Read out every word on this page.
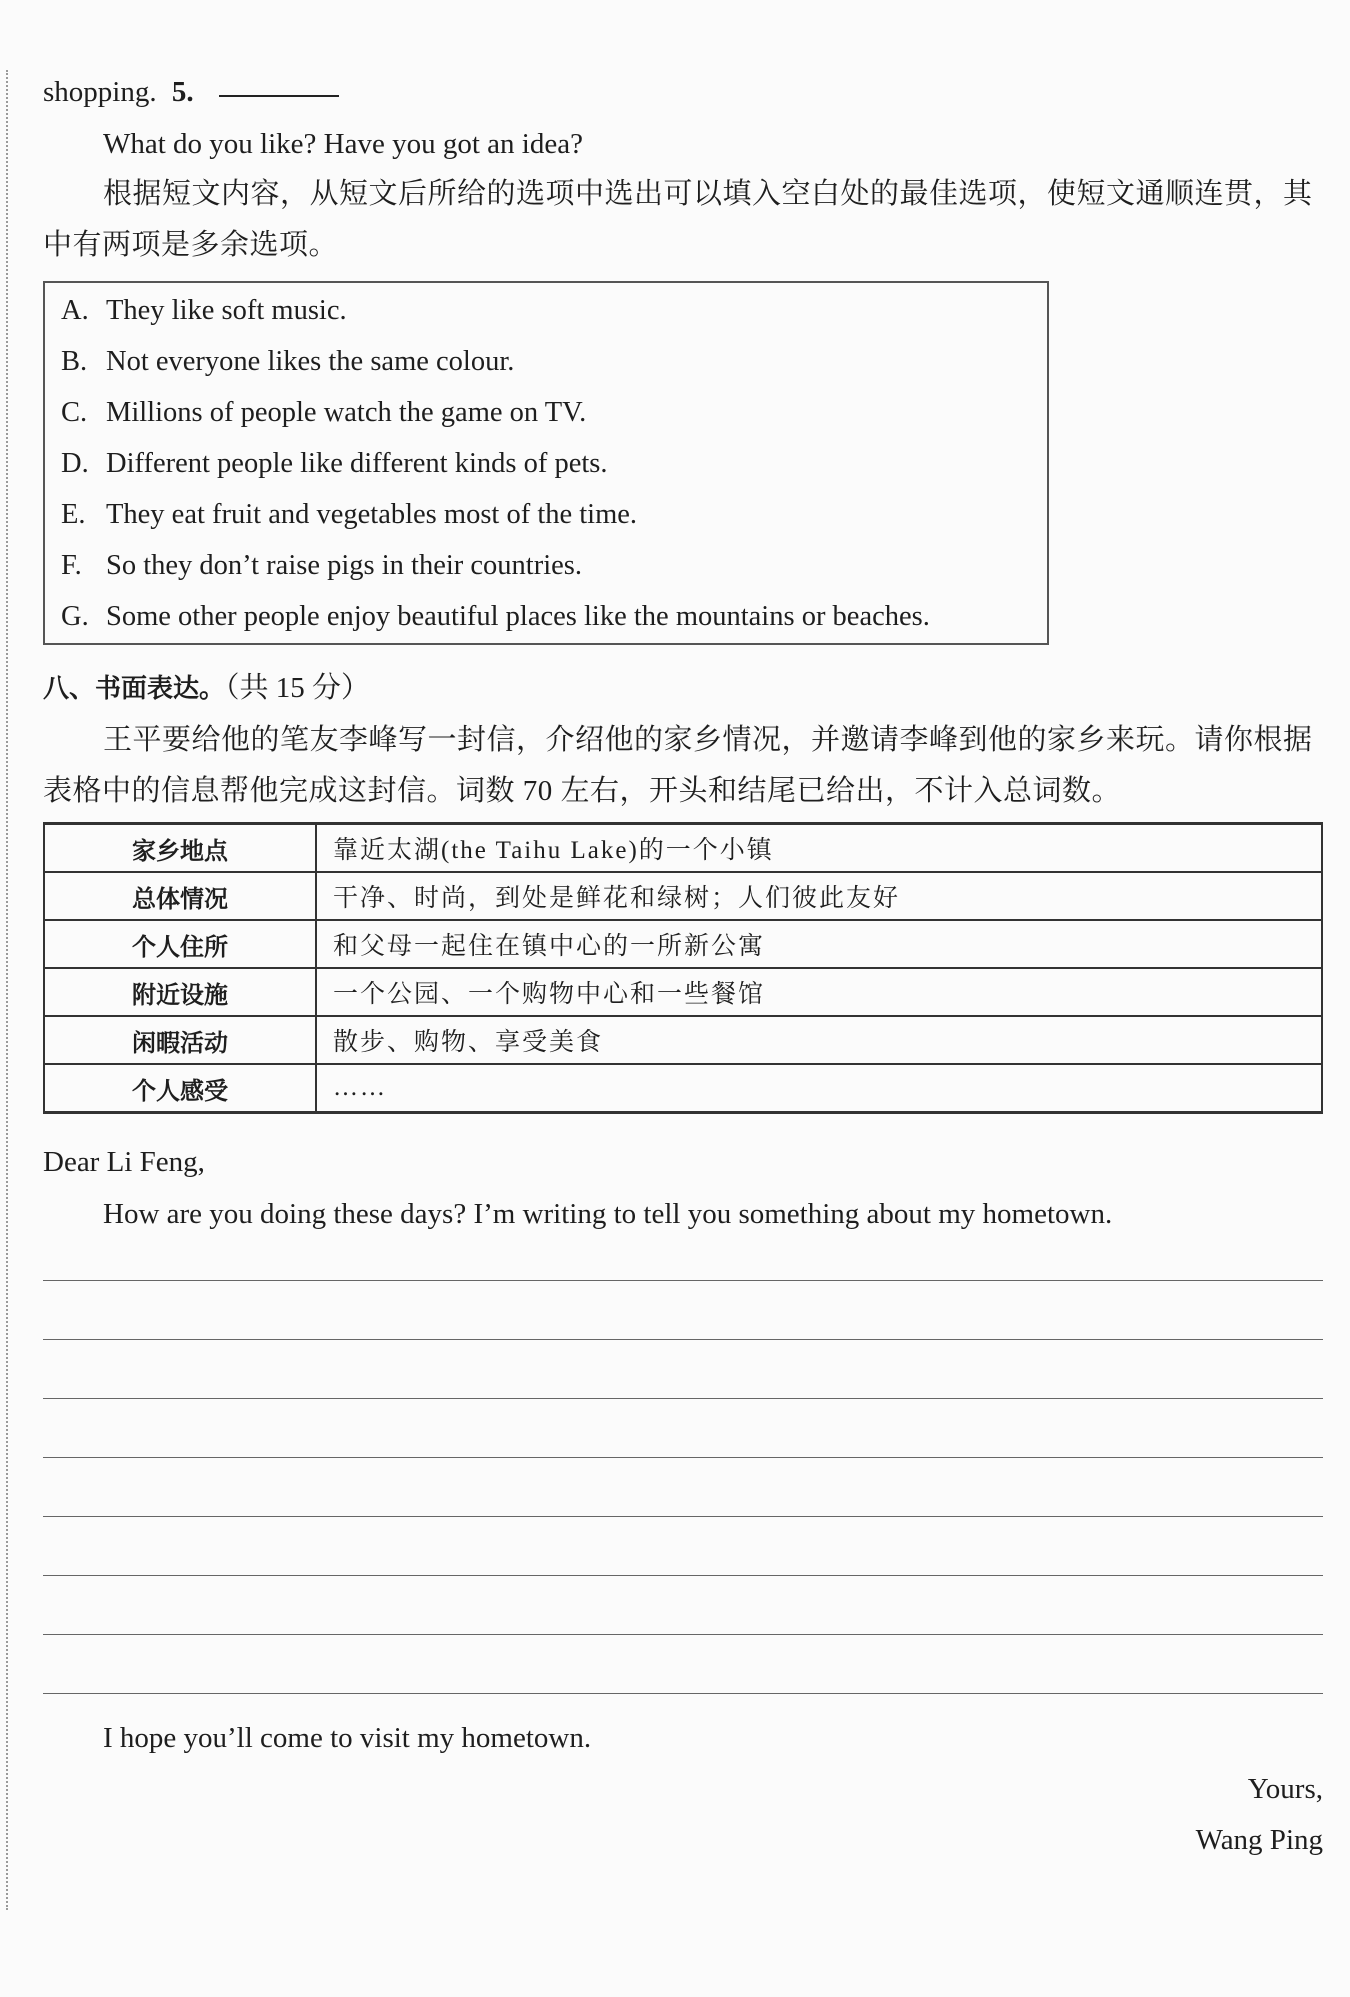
shopping. 5.
What do you like? Have you got an idea?
根据短文内容，从短文后所给的选项中选出可以填入空白处的最佳选项，使短文通顺连贯，其
中有两项是多余选项。
A. They like soft music.
B. Not everyone likes the same colour.
C. Millions of people watch the game on TV.
D. Different people like different kinds of pets.
E. They eat fruit and vegetables most of the time.
F. So they don’t raise pigs in their countries.
G. Some other people enjoy beautiful places like the mountains or beaches.
八、书面表达。（共 15 分）
王平要给他的笔友李峰写一封信，介绍他的家乡情况，并邀请李峰到他的家乡来玩。请你根据
表格中的信息帮他完成这封信。词数 70 左右，开头和结尾已给出，不计入总词数。
家乡地点	靠近太湖(the Taihu Lake)的一个小镇
总体情况	干净、时尚，到处是鲜花和绿树；人们彼此友好
个人住所	和父母一起住在镇中心的一所新公寓
附近设施	一个公园、一个购物中心和一些餐馆
闲暇活动	散步、购物、享受美食
个人感受	……
Dear Li Feng,
How are you doing these days? I’m writing to tell you something about my hometown.
I hope you’ll come to visit my hometown.
Yours,
Wang Ping
